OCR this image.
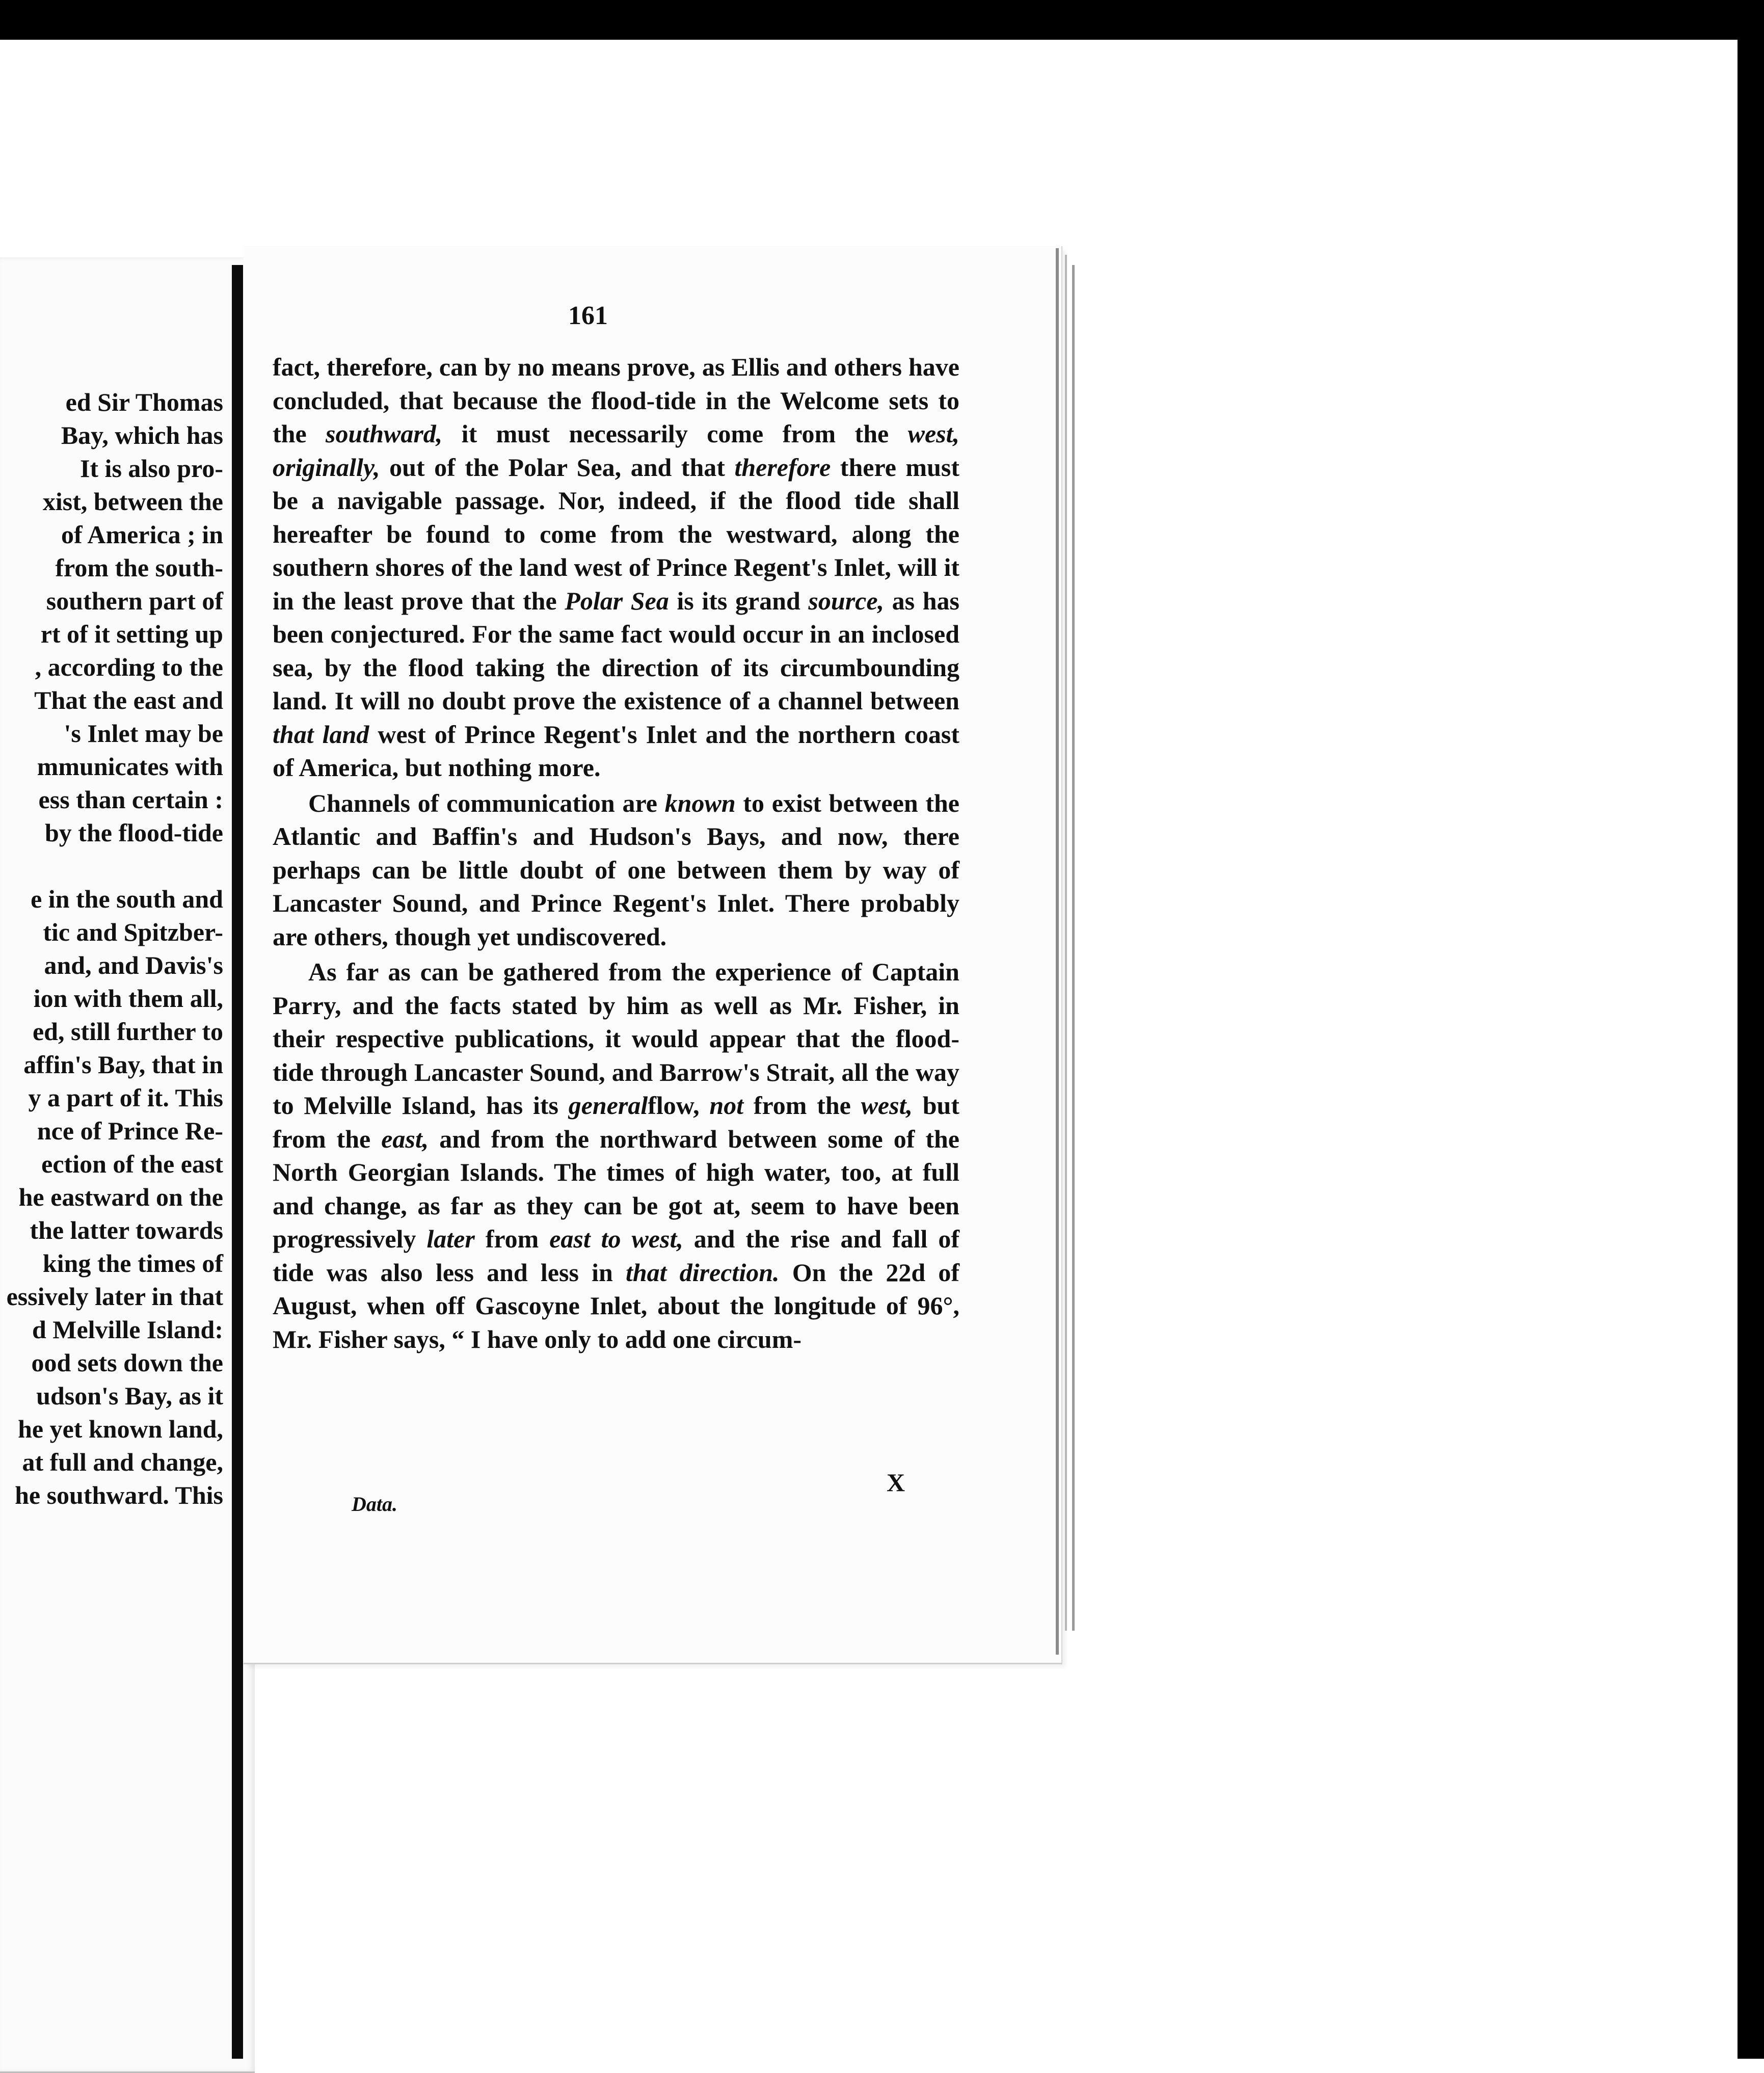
ed Sir Thomas
Bay, which has
It is also pro-
xist, between the
of America ; in
from the south-
southern part of
rt of it setting up
, according to the
That the east and
's Inlet may be
mmunicates with
ess than certain :
by the flood-tide

e in the south and
tic and Spitzber-
and, and Davis's
ion with them all,
ed, still further to
affin's Bay, that in
y a part of it. This
nce of Prince Re-
ection of the east
he eastward on the
the latter towards
king the times of
essively later in that
d Melville Island:
ood sets down the
udson's Bay, as it
he yet known land,
at full and change,
he southward. This
161

fact, therefore, can by no means prove, as Ellis and others have concluded, that because the flood-tide in the Welcome sets to the southward, it must necessarily come from the west, originally, out of the Polar Sea, and that therefore there must be a navigable passage. Nor, indeed, if the flood tide shall hereafter be found to come from the westward, along the southern shores of the land west of Prince Regent's Inlet, will it in the least prove that the Polar Sea is its grand source, as has been conjectured. For the same fact would occur in an inclosed sea, by the flood taking the direction of its circumbounding land. It will no doubt prove the existence of a channel between that land west of Prince Regent's Inlet and the northern coast of America, but nothing more.

Channels of communication are known to exist between the Atlantic and Baffin's and Hudson's Bays, and now, there perhaps can be little doubt of one between them by way of Lancaster Sound, and Prince Regent's Inlet. There probably are others, though yet undiscovered.

As far as can be gathered from the experience of Captain Parry, and the facts stated by him as well as Mr. Fisher, in their respective publications, it would appear that the flood-tide through Lancaster Sound, and Barrow's Strait, all the way to Melville Island, has its generalflow, not from the west, but from the east, and from the northward between some of the North Georgian Islands. The times of high water, too, at full and change, as far as they can be got at, seem to have been progressively later from east to west, and the rise and fall of tide was also less and less in that direction. On the 22d of August, when off Gascoyne Inlet, about the longitude of 96°, Mr. Fisher says, “ I have only to add one circum-

Data.
X
